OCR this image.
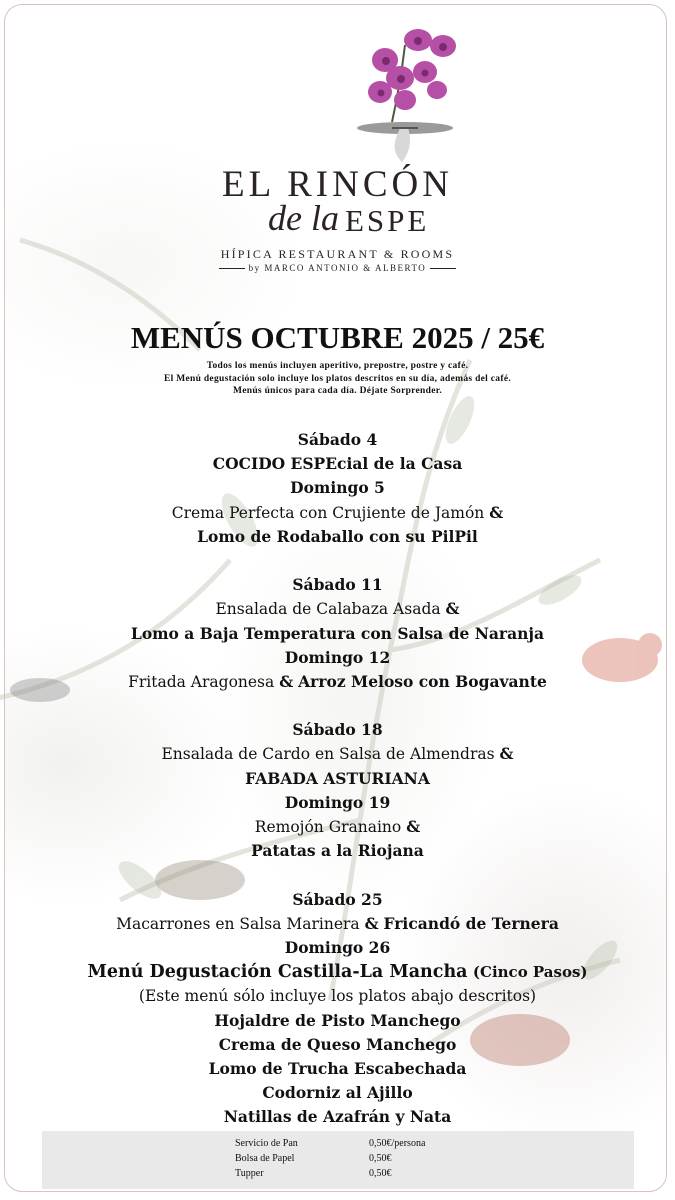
EL RINCÓN
de la ESPE
HÍPICA RESTAURANT & ROOMS
by MARCO ANTONIO & ALBERTO
MENÚS OCTUBRE 2025 / 25€
Todos los menús incluyen aperitivo, prepostre, postre y café.
El Menú degustación solo incluye los platos descritos en su día, además del café.
Menús únicos para cada día. Déjate Sorprender.
Sábado 4
COCIDO ESPEcial de la Casa
Domingo 5
Crema Perfecta con Crujiente de Jamón &
Lomo de Rodaballo con su PilPil
Sábado 11
Ensalada de Calabaza Asada &
Lomo a Baja Temperatura con Salsa de Naranja
Domingo 12
Fritada Aragonesa & Arroz Meloso con Bogavante
Sábado 18
Ensalada de Cardo en Salsa de Almendras &
FABADA ASTURIANA
Domingo 19
Remojón Granaino &
Patatas a la Riojana
Sábado 25
Macarrones en Salsa Marinera & Fricandó de Ternera
Domingo 26
Menú Degustación Castilla-La Mancha (Cinco Pasos)
(Este menú sólo incluye los platos abajo descritos)
Hojaldre de Pisto Manchego
Crema de Queso Manchego
Lomo de Trucha Escabechada
Codorniz al Ajillo
Natillas de Azafrán y Nata
Servicio de Pan	0,50€/persona
Bolsa de Papel	0,50€
Tupper	0,50€
